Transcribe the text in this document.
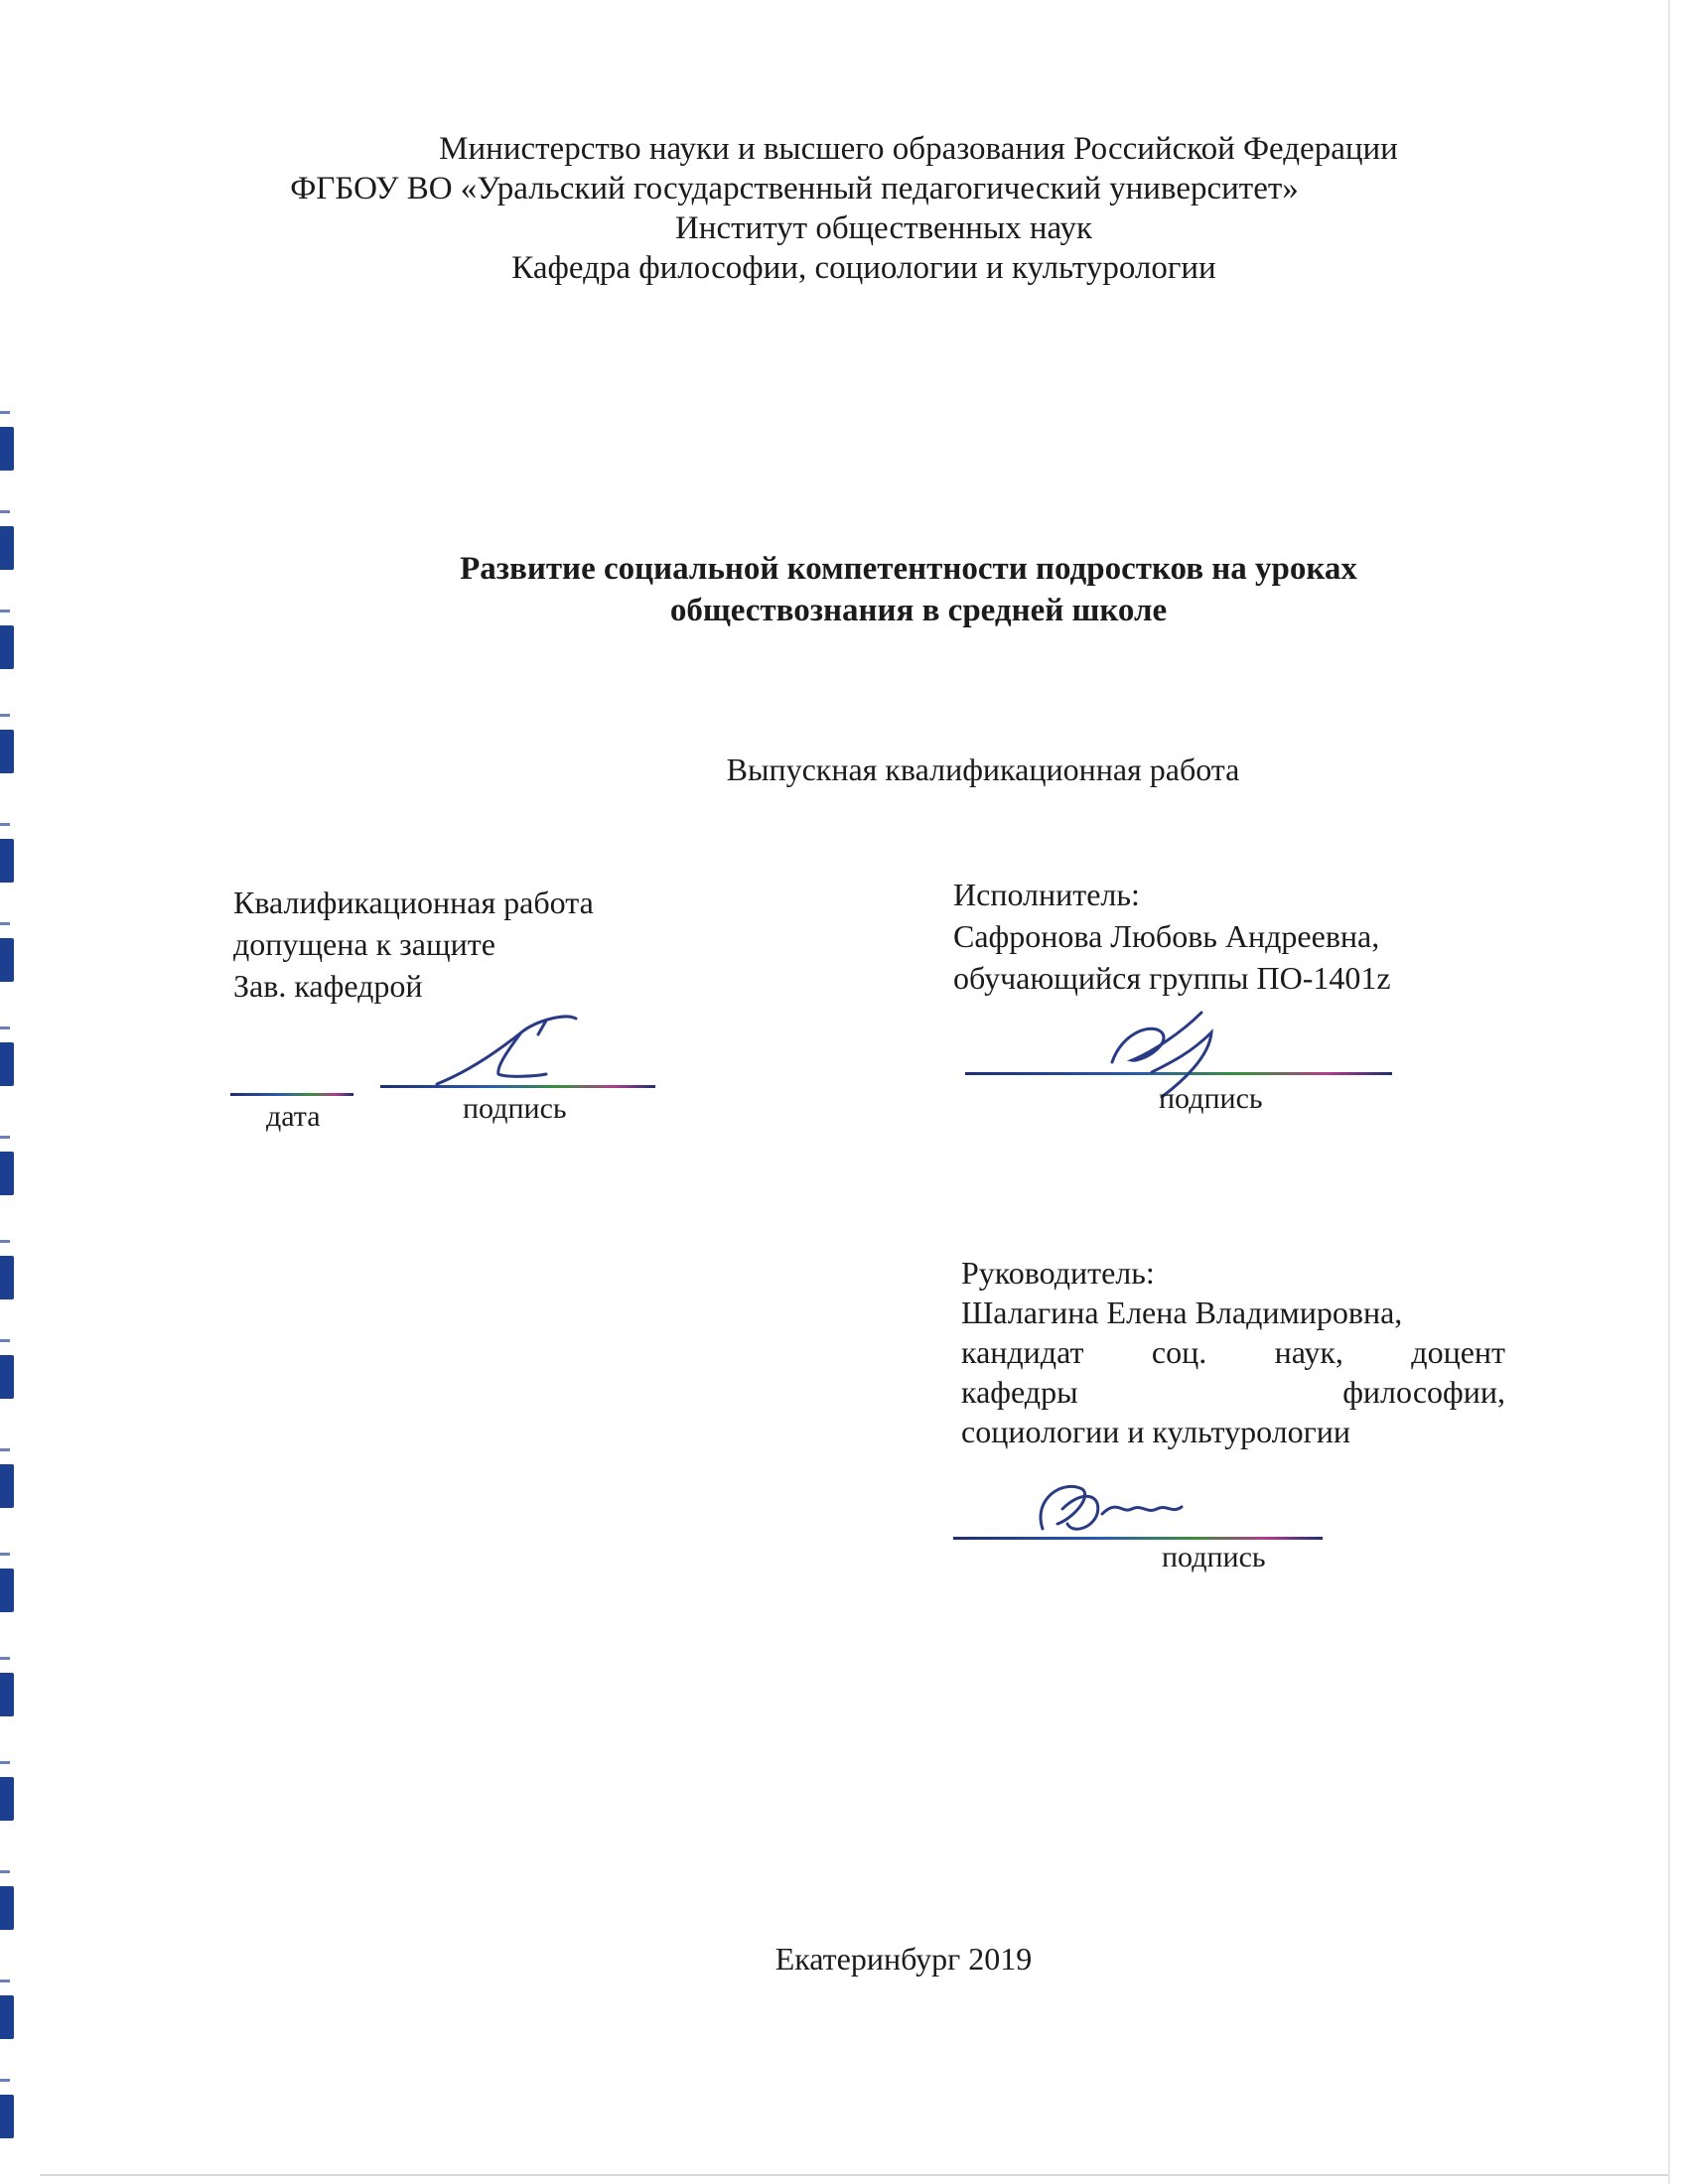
Министерство науки и высшего образования Российской Федерации
ФГБОУ ВО «Уральский государственный педагогический университет»
Институт общественных наук
Кафедра философии, социологии и культурологии
Развитие социальной компетентности подростков на уроках
обществознания в средней школе
Выпускная квалификационная работа
Квалификационная работа
допущена к защите
Зав. кафедрой
дата	подпись
Исполнитель:
Сафронова Любовь Андреевна,
обучающийся группы ПО-1401z
подпись
Руководитель:
Шалагина Елена Владимировна,
кандидат соц. наук, доцент
кафедры философии,
социологии и культурологии
подпись
Екатеринбург 2019
